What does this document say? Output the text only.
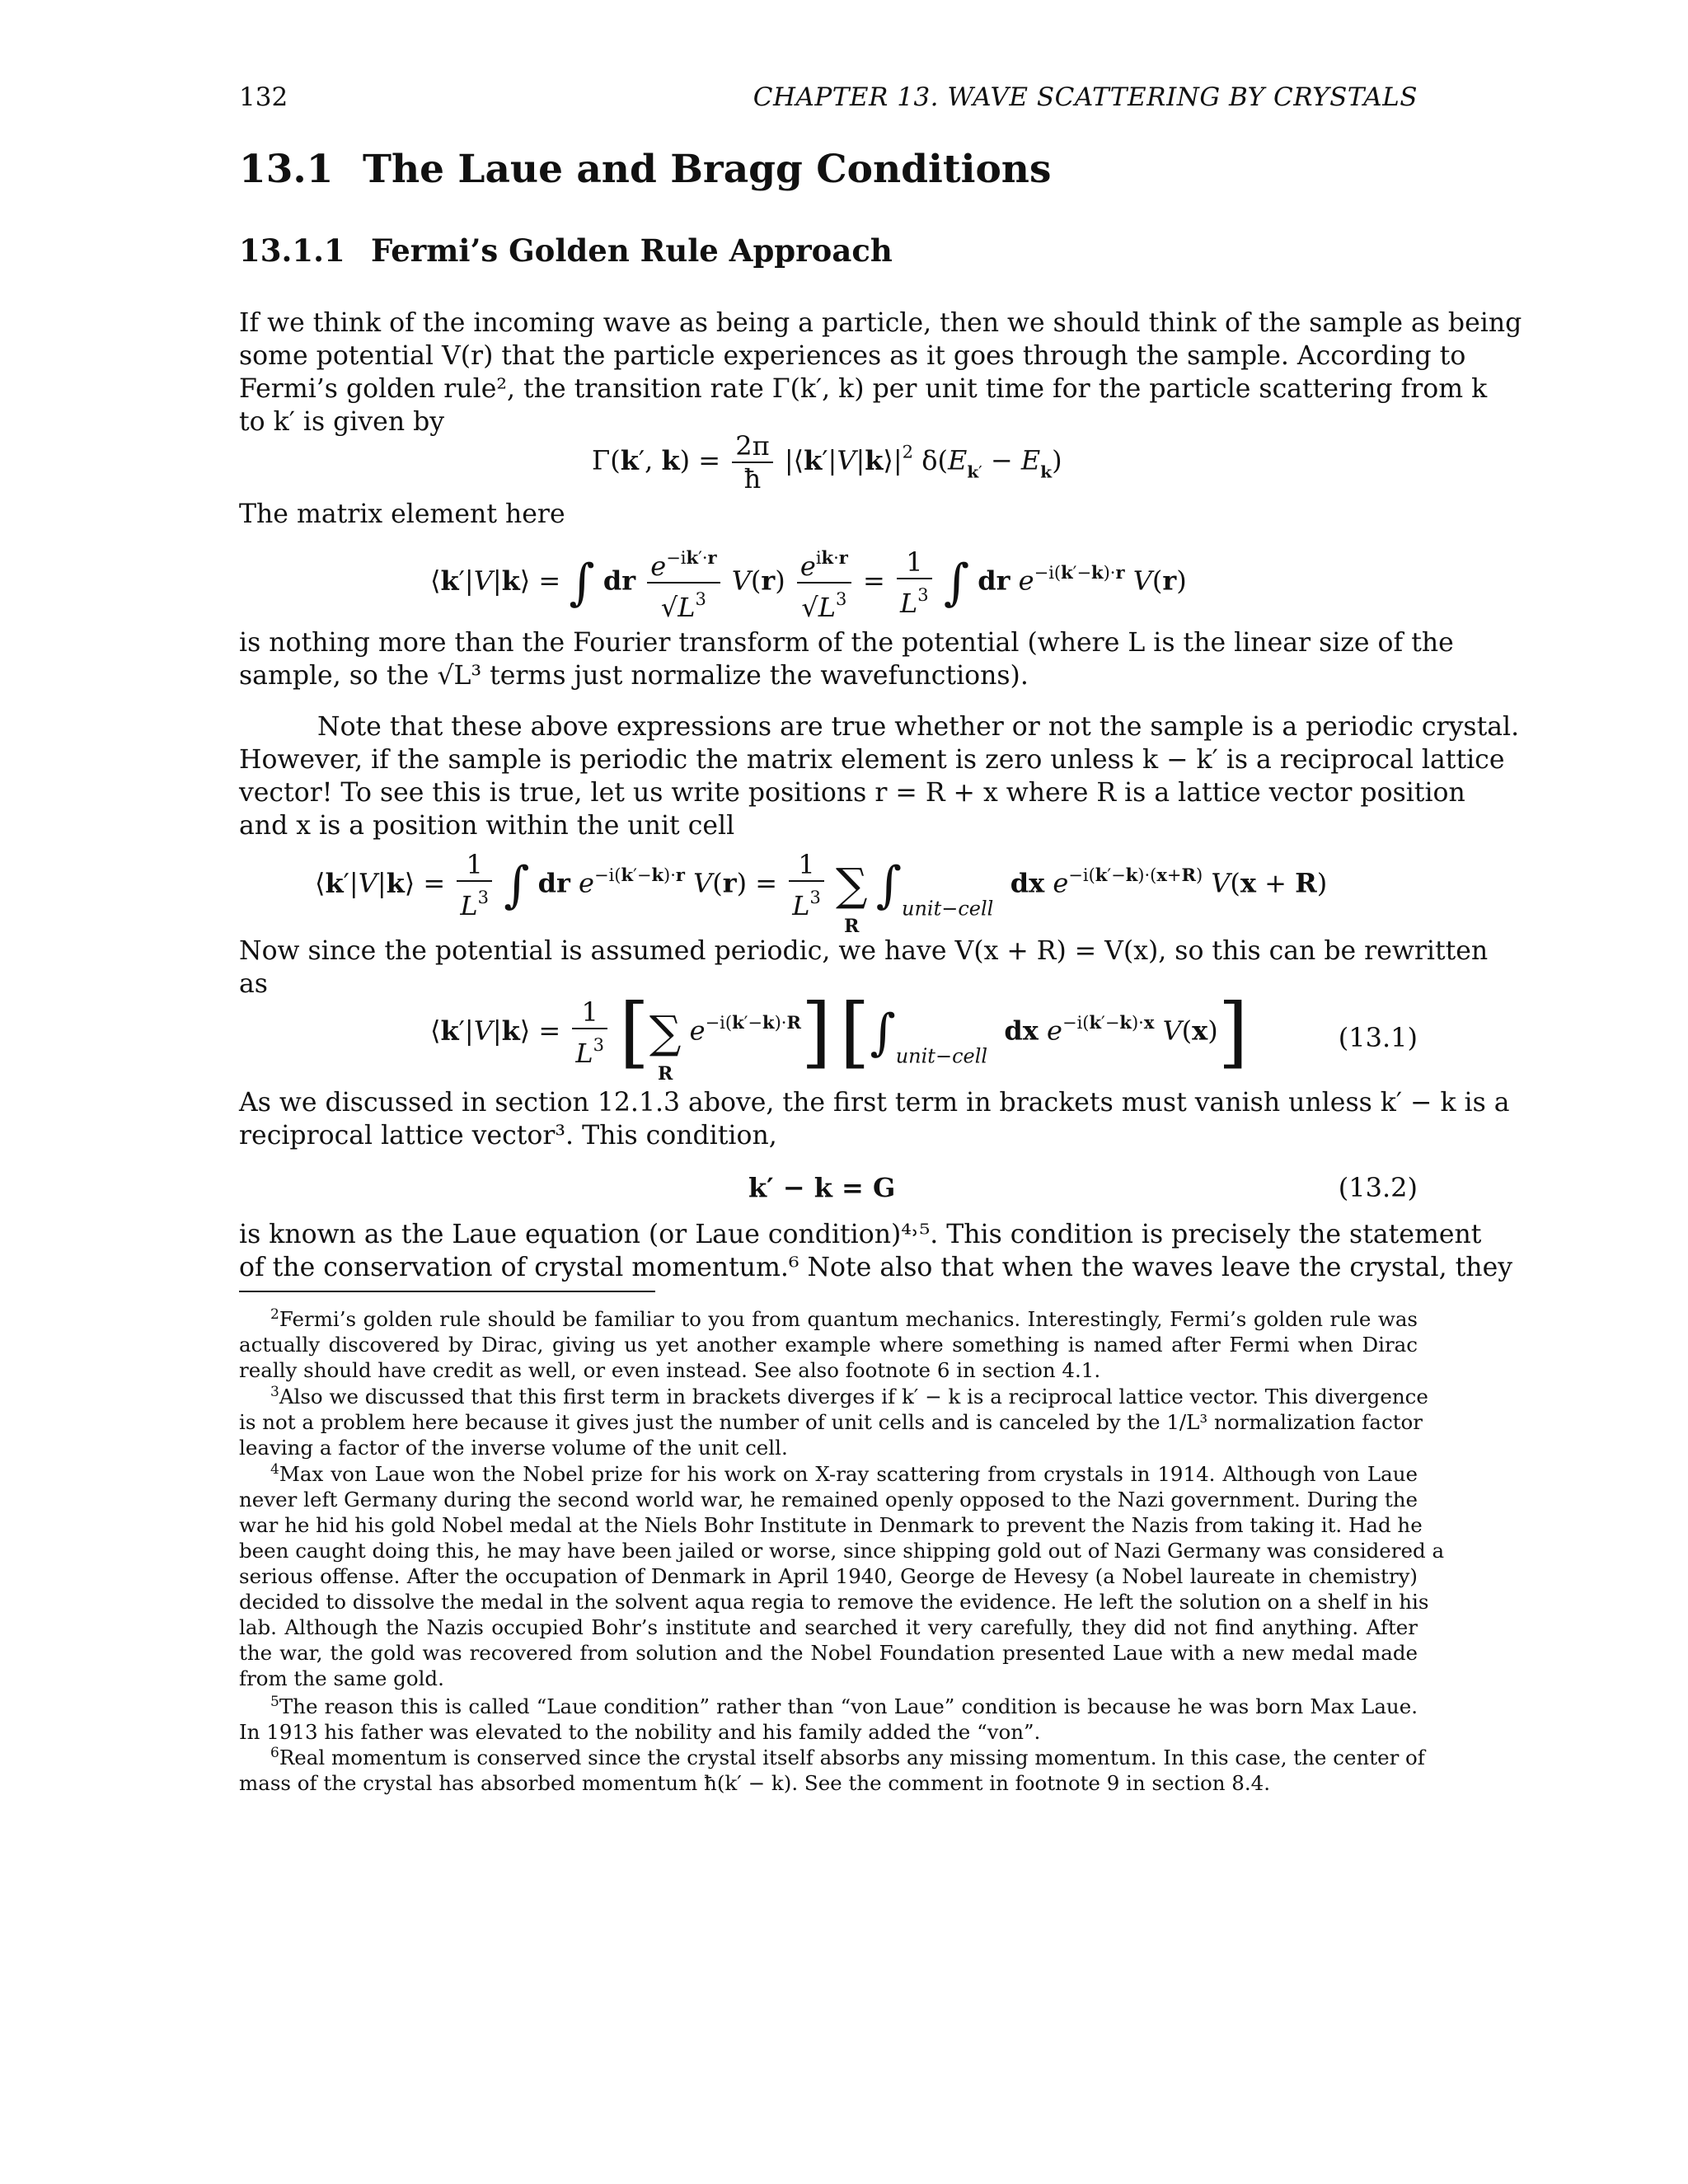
132	CHAPTER 13. WAVE SCATTERING BY CRYSTALS
13.1 The Laue and Bragg Conditions
13.1.1 Fermi’s Golden Rule Approach
If we think of the incoming wave as being a particle, then we should think of the sample as being
some potential V(r) that the particle experiences as it goes through the sample. According to
Fermi’s golden rule², the transition rate Γ(k′, k) per unit time for the particle scattering from k
to k′ is given by
Γ(k′, $k) = \frac{2\pi}{ħ}$ $|⟨k'|V|k⟩|^2$ $\delta(E_{k'} - E_k)$
The matrix element here
⟨k′|V|k⟩ = ∫ dr $\frac{e^{-ik'\cdot r}}{√L^3} V(r) \frac{e^{ik\cdot r}}{√L^3} = \frac{1}{L^3}$ ∫ dr $e^{-i(k'-k)\cdot r}$ V(r)
is nothing more than the Fourier transform of the potential (where L is the linear size of the
sample, so the √L³ terms just normalize the wavefunctions).
Note that these above expressions are true whether or not the sample is a periodic crystal.
However, if the sample is periodic the matrix element is zero unless k − k′ is a reciprocal lattice
vector! To see this is true, let us write positions r = R + x where R is a lattice vector position
and x is a position within the unit cell
⟨k′|V|k⟩ = $\frac{1}{L^3}$ ∫ dr $e^{-i(k'-k)\cdot r}$ $V(r) = \frac{1}{L^3}$ ∑
R
$\int_{unit-cell}$  dx $e^{-i(k'-k)\cdot(x+R)}$ V(x + R)
Now since the potential is assumed periodic, we have V(x + R) = V(x), so this can be rewritten
as
⟨k′|V|k⟩ = $\frac{1}{L^3}$ [∑
R
$e^{-i(k'-k)\cdot R}$] [$\int_{unit-cell}$  dx $e^{-i(k'-k)\cdot x}$ V(x)]	(13.1)
As we discussed in section 12.1.3 above, the first term in brackets must vanish unless k′ − k is a
reciprocal lattice vector³. This condition,
k′ − k = G	(13.2)
is known as the Laue equation (or Laue condition)⁴˒⁵. This condition is precisely the statement
of the conservation of crystal momentum.⁶ Note also that when the waves leave the crystal, they
$^2$Fermi’s golden rule should be familiar to you from quantum mechanics. Interestingly, Fermi’s golden rule was
actually discovered by Dirac, giving us yet another example where something is named after Fermi when Dirac
really should have credit as well, or even instead. See also footnote 6 in section 4.1.
$^3$Also we discussed that this first term in brackets diverges if k′ − k is a reciprocal lattice vector. This divergence
is not a problem here because it gives just the number of unit cells and is canceled by the 1/L³ normalization factor
leaving a factor of the inverse volume of the unit cell.
$^4$Max von Laue won the Nobel prize for his work on X-ray scattering from crystals in 1914. Although von Laue
never left Germany during the second world war, he remained openly opposed to the Nazi government. During the
war he hid his gold Nobel medal at the Niels Bohr Institute in Denmark to prevent the Nazis from taking it. Had he
been caught doing this, he may have been jailed or worse, since shipping gold out of Nazi Germany was considered a
serious offense. After the occupation of Denmark in April 1940, George de Hevesy (a Nobel laureate in chemistry)
decided to dissolve the medal in the solvent aqua regia to remove the evidence. He left the solution on a shelf in his
lab. Although the Nazis occupied Bohr’s institute and searched it very carefully, they did not find anything. After
the war, the gold was recovered from solution and the Nobel Foundation presented Laue with a new medal made
from the same gold.
$^5$The reason this is called “Laue condition” rather than “von Laue” condition is because he was born Max Laue.
In 1913 his father was elevated to the nobility and his family added the “von”.
$^6$Real momentum is conserved since the crystal itself absorbs any missing momentum. In this case, the center of
mass of the crystal has absorbed momentum ħ(k′ − k). See the comment in footnote 9 in section 8.4.
